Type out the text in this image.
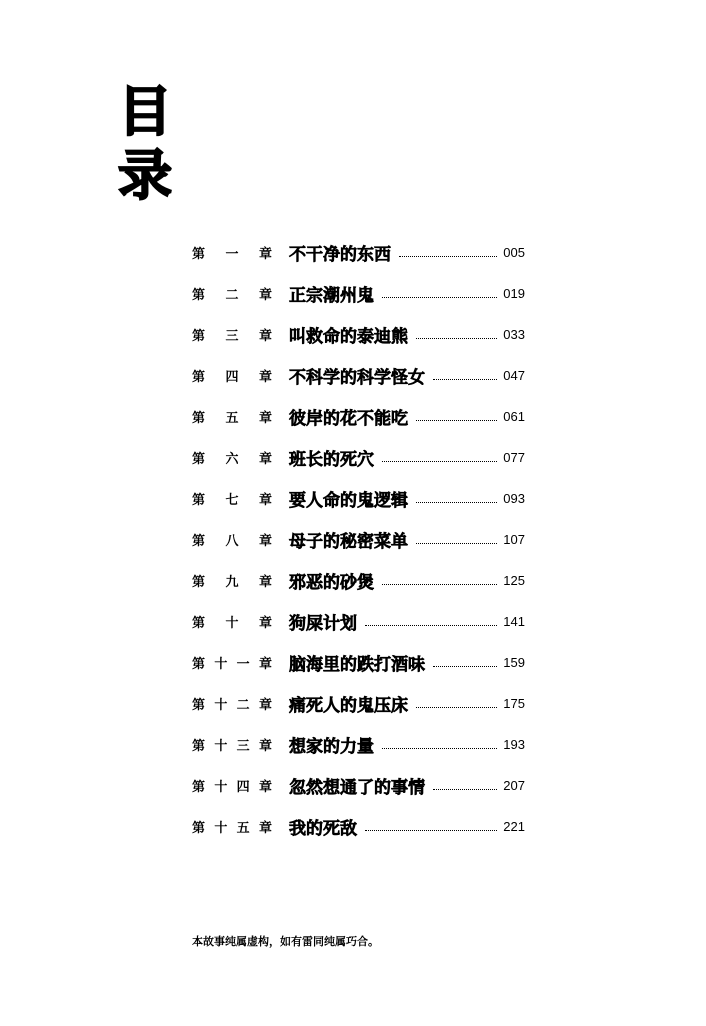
目
录
第 一 章 不干净的东西	005
第 二 章 正宗潮州鬼	019
第 三 章 叫救命的泰迪熊	033
第 四 章 不科学的科学怪女	047
第 五 章 彼岸的花不能吃	061
第 六 章 班长的死穴	077
第 七 章 要人命的鬼逻辑	093
第 八 章 母子的秘密菜单	107
第 九 章 邪恶的砂煲	125
第 十 章 狗屎计划	141
第 十 一 章 脑海里的跌打酒味	159
第 十 二 章 痛死人的鬼压床	175
第 十 三 章 想家的力量	193
第 十 四 章 忽然想通了的事情	207
第 十 五 章 我的死敌	221

本故事纯属虚构，如有雷同纯属巧合。
